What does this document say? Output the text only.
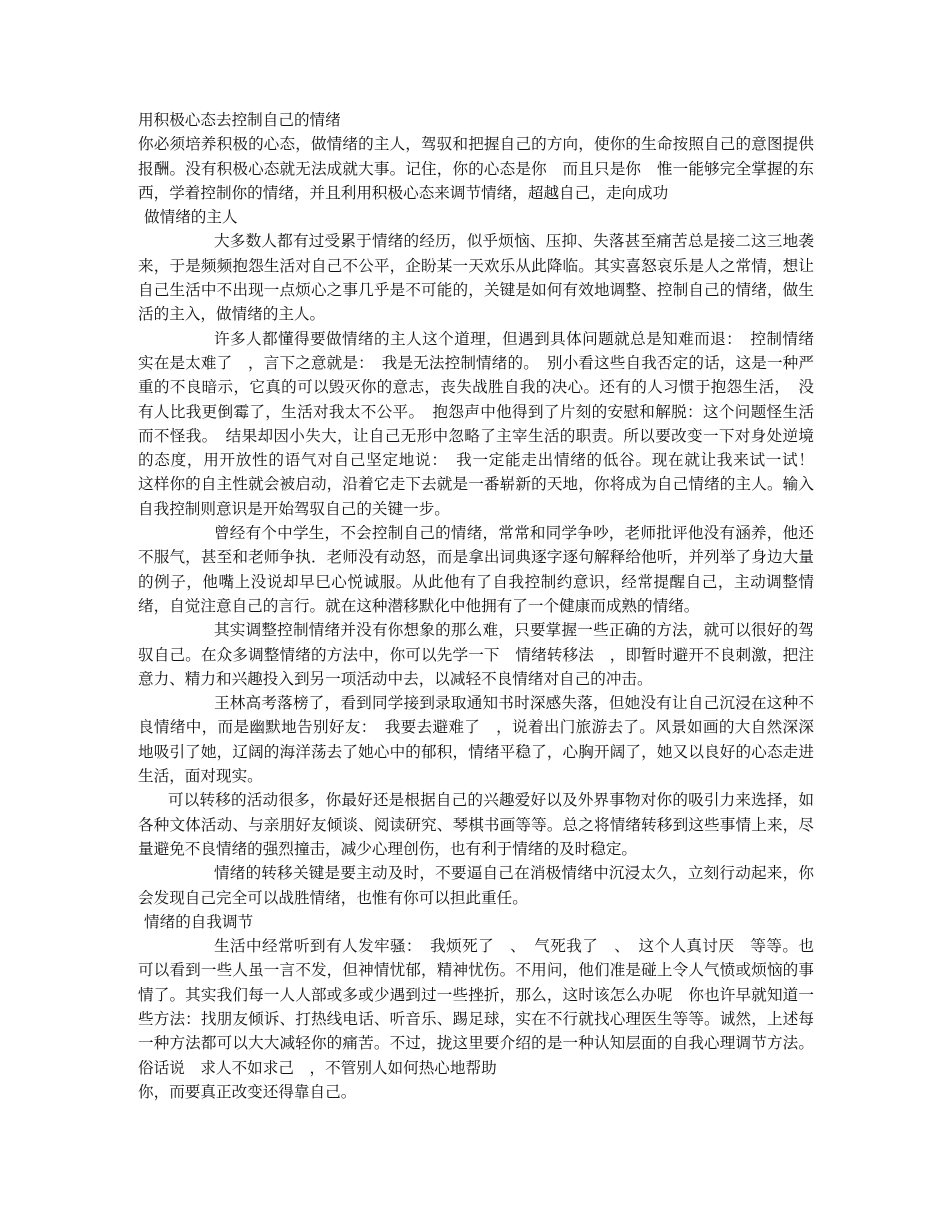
用积极心态去控制自己的情绪

你必须培养积极的心态，做情绪的主人，驾驭和把握自己的方向，使你的生命按照自己的意图提供报酬。没有积极心态就无法成就大事。记住，你的心态是你　而且只是你　惟一能够完全掌握的东西，学着控制你的情绪，并且利用积极心态来调节情绪，超越自己，走向成功

做情绪的主人

大多数人都有过受累于情绪的经历，似乎烦恼、压抑、失落甚至痛苦总是接二这三地袭来，于是频频抱怨生活对自己不公平，企盼某一天欢乐从此降临。其实喜怒哀乐是人之常情，想让自己生活中不出现一点烦心之事几乎是不可能的，关键是如何有效地调整、控制自己的情绪，做生活的主入，做情绪的主人。

许多人都懂得要做情绪的主人这个道理，但遇到具体问题就总是知难而退：　控制情绪实在是太难了　，言下之意就是：　我是无法控制情绪的。　别小看这些自我否定的话，这是一种严重的不良暗示，它真的可以毁灭你的意志，丧失战胜自我的决心。还有的人习惯于抱怨生活，　没有人比我更倒霉了，生活对我太不公平。　抱怨声中他得到了片刻的安慰和解脱：这个问题怪生活而不怪我。　结果却因小失大，让自己无形中忽略了主宰生活的职责。所以要改变一下对身处逆境的态度，用开放性的语气对自己坚定地说：　我一定能走出情绪的低谷。现在就让我来试一试！　这样你的自主性就会被启动，沿着它走下去就是一番崭新的天地，你将成为自己情绪的主人。输入自我控制则意识是开始驾驭自己的关键一步。

曾经有个中学生，不会控制自己的情绪，常常和同学争吵，老师批评他没有涵养，他还不服气，甚至和老师争执．老师没有动怒，而是拿出词典逐字逐句解释给他听，并列举了身边大量的例子，他嘴上没说却早巳心悦诚服。从此他有了自我控制约意识，经常提醒自己，主动调整情绪，自觉注意自己的言行。就在这种潜移默化中他拥有了一个健康而成熟的情绪。

其实调整控制情绪并没有你想象的那么难，只要掌握一些正确的方法，就可以很好的驾驭自己。在众多调整情绪的方法中，你可以先学一下　情绪转移法　，即暂时避开不良刺激，把注意力、精力和兴趣投入到另一项活动中去，以减轻不良情绪对自己的冲击。

王林高考落榜了，看到同学接到录取通知书时深感失落，但她没有让自己沉浸在这种不良情绪中，而是幽默地告别好友：　我要去避难了　，说着出门旅游去了。风景如画的大自然深深地吸引了她，辽阔的海洋荡去了她心中的郁积，情绪平稳了，心胸开阔了，她又以良好的心态走进生活，面对现实。

可以转移的活动很多，你最好还是根据自己的兴趣爱好以及外界事物对你的吸引力来选择，如各种文体活动、与亲朋好友倾谈、阅读研究、琴棋书画等等。总之将情绪转移到这些事情上来，尽量避免不良情绪的强烈撞击，减少心理创伤，也有利于情绪的及时稳定。

情绪的转移关键是要主动及时，不要逼自己在消极情绪中沉浸太久，立刻行动起来，你会发现自己完全可以战胜情绪，也惟有你可以担此重任。

情绪的自我调节

生活中经常听到有人发牢骚：　我烦死了　、　气死我了　、　这个人真讨厌　等等。也可以看到一些人虽一言不发，但神情忧郁，精神忧伤。不用问，他们准是碰上令人气愤或烦恼的事情了。其实我们每一人人部或多或少遇到过一些挫折，那么，这时该怎么办呢　你也许早就知道一些方法：找朋友倾诉、打热线电话、听音乐、踢足球，实在不行就找心理医生等等。诚然，上述每一种方法都可以大大减轻你的痛苦。不过，拢这里要介绍的是一种认知层面的自我心理调节方法。俗话说　求人不如求己　，不管别人如何热心地帮助

你，而要真正改变还得靠自己。
